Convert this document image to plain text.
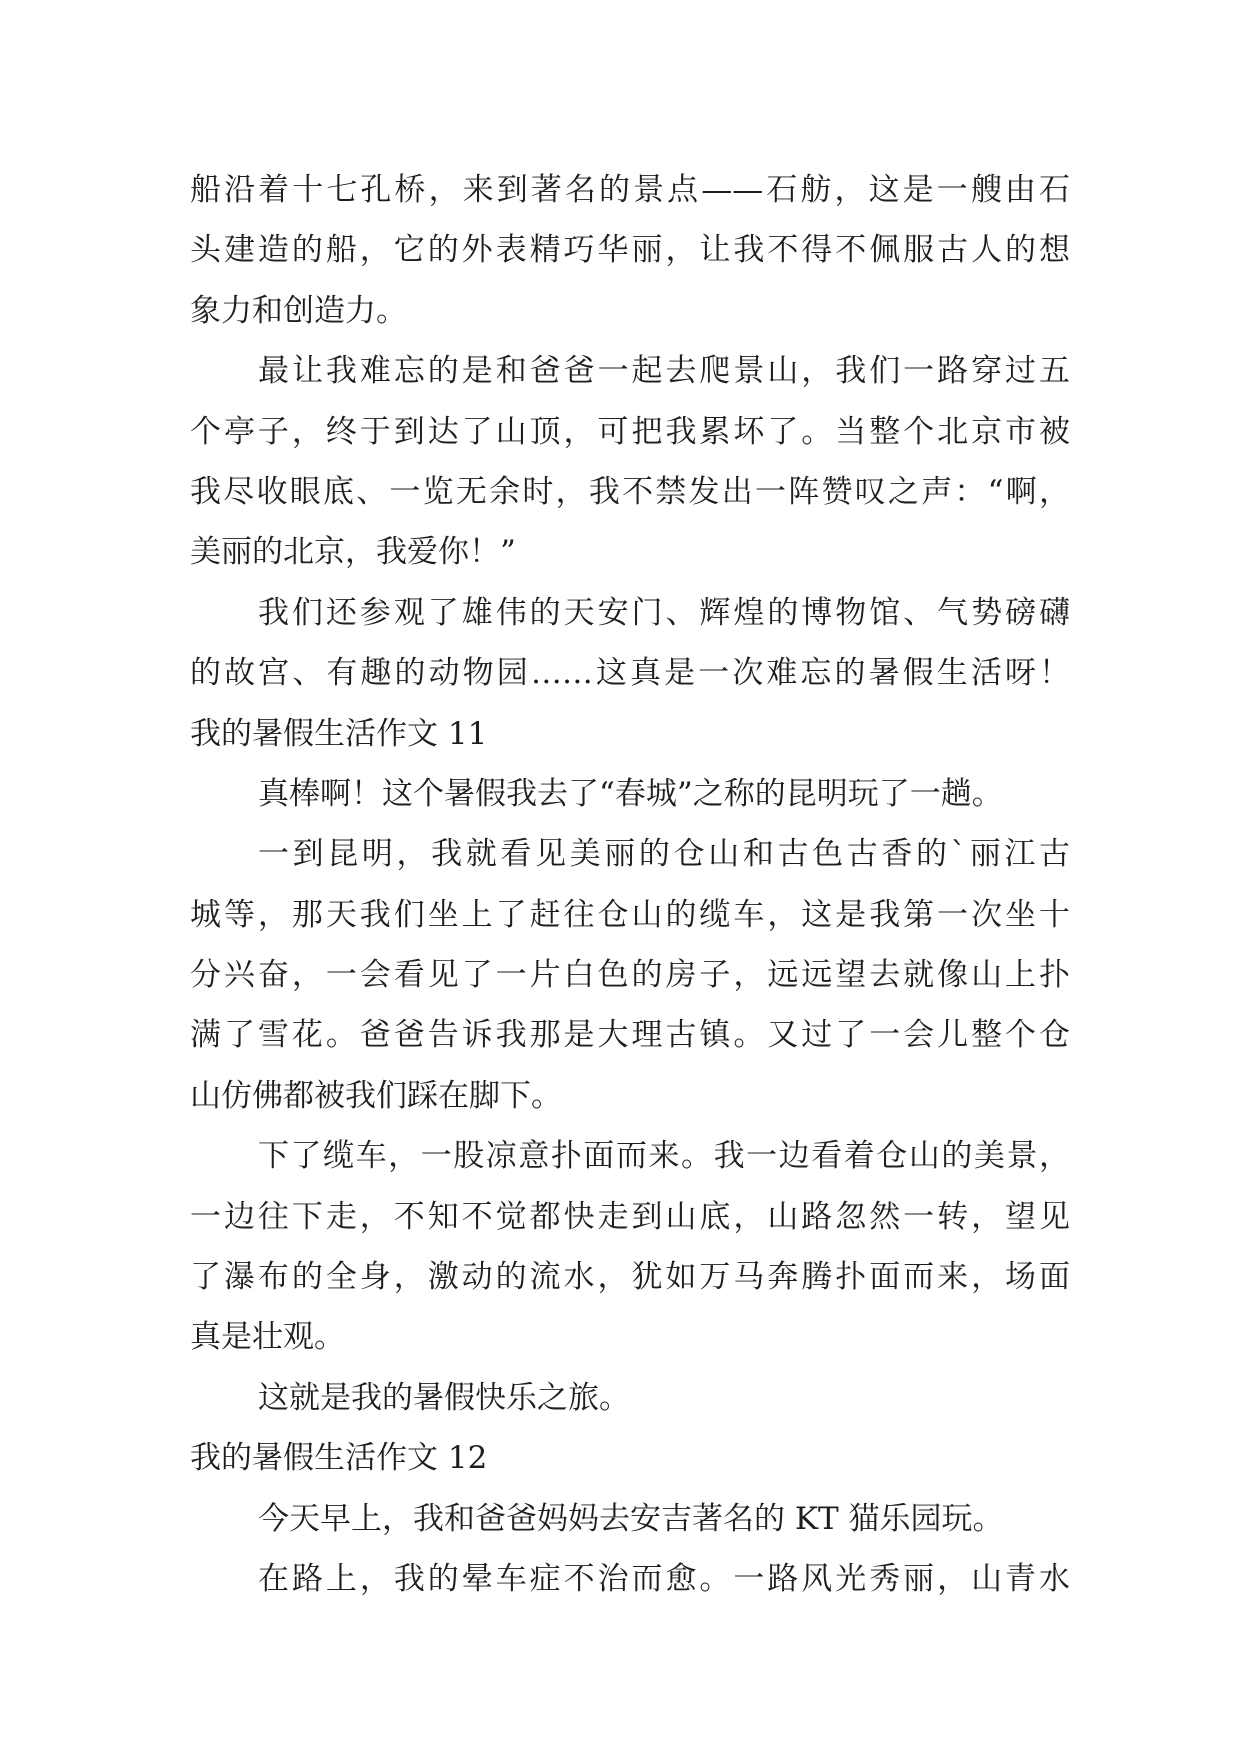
船沿着十七孔桥，来到著名的景点——石舫，这是一艘由石
头建造的船，它的外表精巧华丽，让我不得不佩服古人的想
象力和创造力。
最让我难忘的是和爸爸一起去爬景山，我们一路穿过五
个亭子，终于到达了山顶，可把我累坏了。当整个北京市被
我尽收眼底、一览无余时，我不禁发出一阵赞叹之声：“啊，
美丽的北京，我爱你！”
我们还参观了雄伟的天安门、辉煌的博物馆、气势磅礴
的故宫、有趣的动物园……这真是一次难忘的暑假生活呀！
我的暑假生活作文 11
真棒啊！这个暑假我去了“春城”之称的昆明玩了一趟。
一到昆明，我就看见美丽的仓山和古色古香的`丽江古
城等，那天我们坐上了赶往仓山的缆车，这是我第一次坐十
分兴奋，一会看见了一片白色的房子，远远望去就像山上扑
满了雪花。爸爸告诉我那是大理古镇。又过了一会儿整个仓
山仿佛都被我们踩在脚下。
下了缆车，一股凉意扑面而来。我一边看着仓山的美景，
一边往下走，不知不觉都快走到山底，山路忽然一转，望见
了瀑布的全身，激动的流水，犹如万马奔腾扑面而来，场面
真是壮观。
这就是我的暑假快乐之旅。
我的暑假生活作文 12
今天早上，我和爸爸妈妈去安吉著名的 KT 猫乐园玩。
在路上，我的晕车症不治而愈。一路风光秀丽，山青水
